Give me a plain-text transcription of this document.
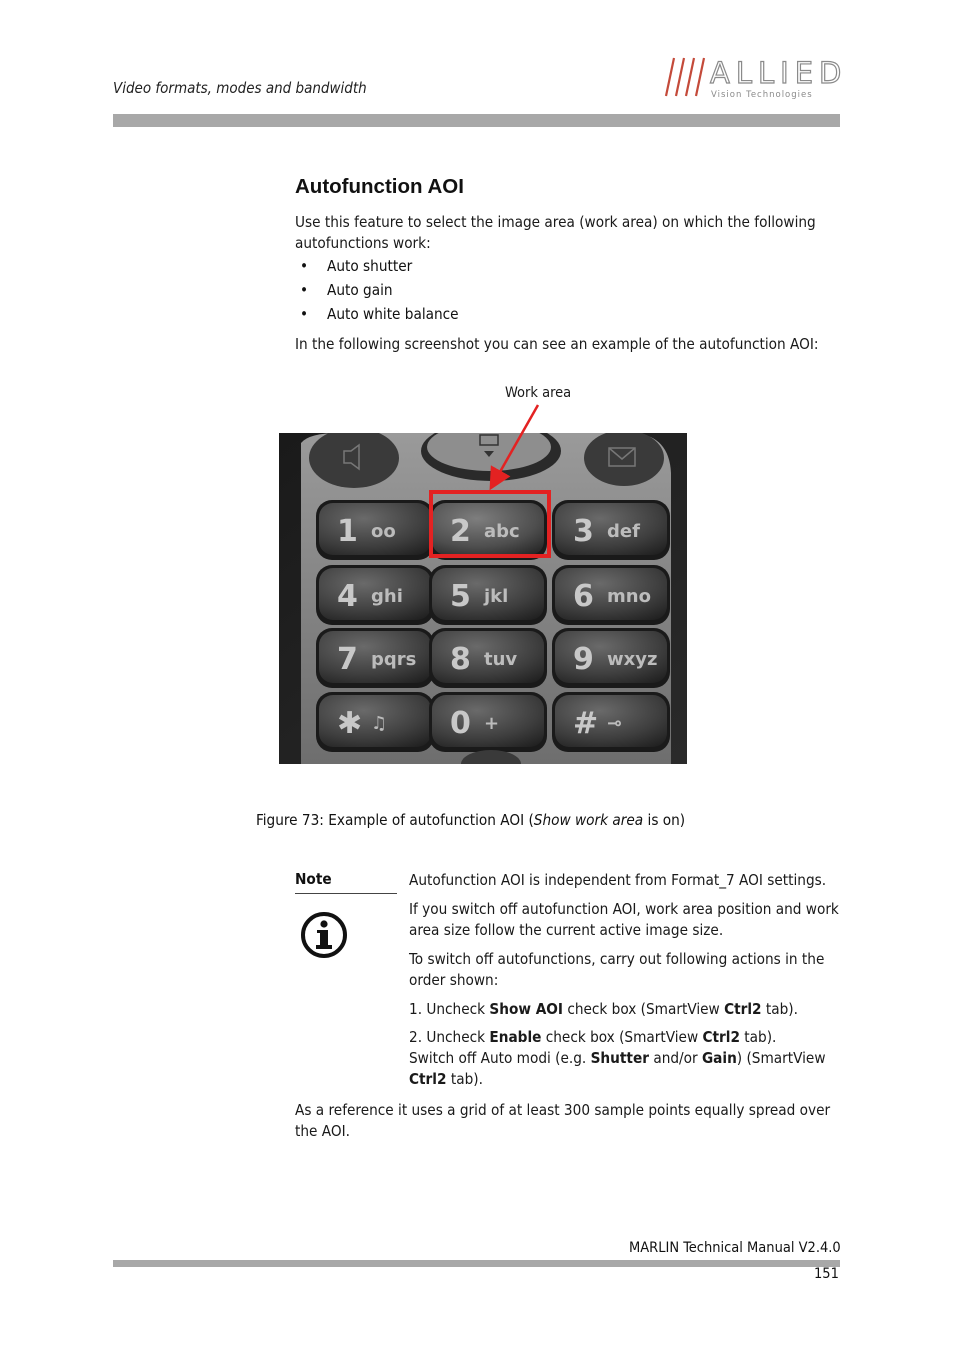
Video formats, modes and bandwidth	ALLIED
Vision Technologies
Autofunction AOI
Use this feature to select the image area (work area) on which the following autofunctions work:
• Auto shutter
• Auto gain
• Auto white balance
In the following screenshot you can see an example of the autofunction AOI:
Work area
1 oo 2 abc 3 def
4 ghi 5 jkl 6 mno
7 pqrs 8 tuv 9 wxyz
✱ ♫ 0 + # ⊸
Figure 73: Example of autofunction AOI (Show work area is on)
Note	Autofunction AOI is independent from Format_7 AOI settings.
If you switch off autofunction AOI, work area position and work area size follow the current active image size.
To switch off autofunctions, carry out following actions in the order shown:
1. Uncheck Show AOI check box (SmartView Ctrl2 tab).
2. Uncheck Enable check box (SmartView Ctrl2 tab).
Switch off Auto modi (e.g. Shutter and/or Gain) (SmartView Ctrl2 tab).
As a reference it uses a grid of at least 300 sample points equally spread over the AOI.
MARLIN Technical Manual V2.4.0
151
